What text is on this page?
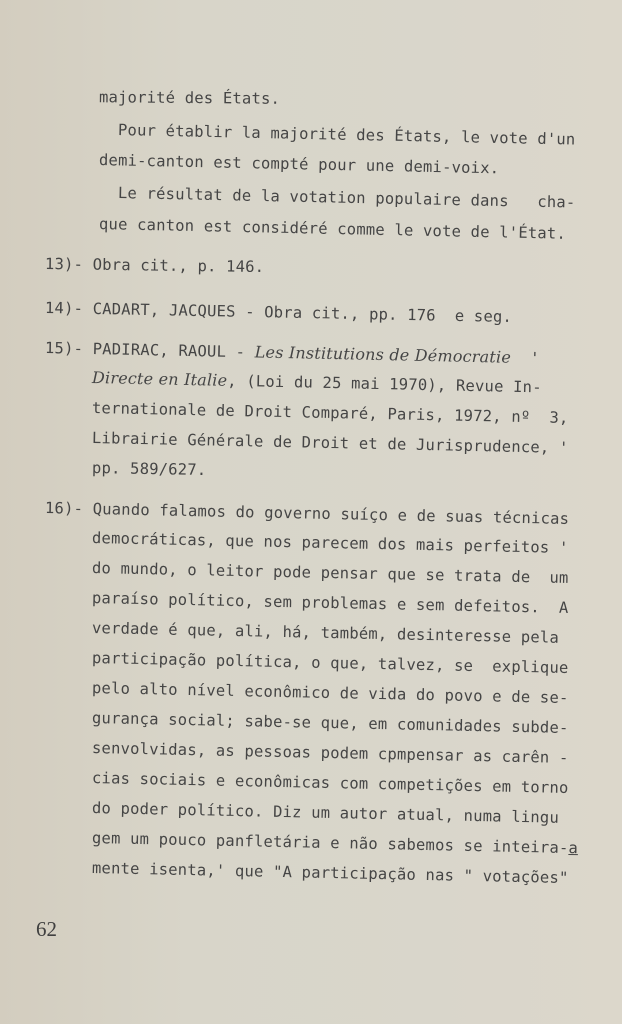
majorité des États.
Pour établir la majorité des États, le vote d'un
demi-canton est compté pour une demi-voix.
Le résultat de la votation populaire dans   cha-
que canton est considéré comme le vote de l'État.
13)- Obra cit., p. 146.
14)- CADART, JACQUES - Obra cit., pp. 176  e seg.
15)- PADIRAC, RAOUL - Les Institutions de Démocratie  '
Directe en Italie, (Loi du 25 mai 1970), Revue In-
ternationale de Droit Comparé, Paris, 1972, nº  3,
Librairie Générale de Droit et de Jurisprudence, '
pp. 589/627.
16)- Quando falamos do governo suíço e de suas técnicas
democráticas, que nos parecem dos mais perfeitos '
do mundo, o leitor pode pensar que se trata de  um
paraíso político, sem problemas e sem defeitos.  A
verdade é que, ali, há, também, desinteresse pela
participação política, o que, talvez, se  explique
pelo alto nível econômico de vida do povo e de se-
gurança social; sabe-se que, em comunidades subde-
senvolvidas, as pessoas podem cpmpensar as carên -
cias sociais e econômicas com competições em torno
do poder político. Diz um autor atual, numa lingu
gem um pouco panfletária e não sabemos se inteira-a
mente isenta,' que "A participação nas " votações"
62
